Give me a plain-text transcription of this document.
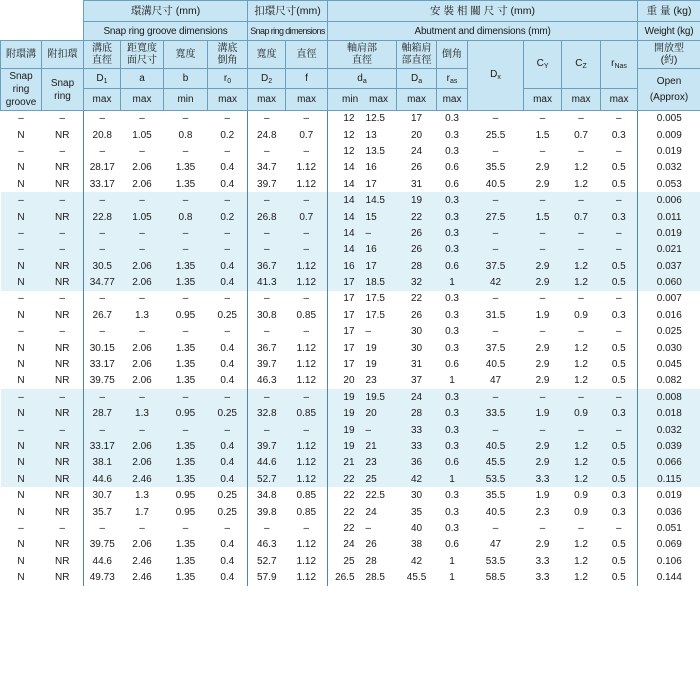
		環溝尺寸 (mm)				扣環尺寸(mm)		安 裝 相 關 尺 寸 (mm)								重 量 (kg)
		Snap ring groove dimensions				Snap ring dimensions		Abutment and dimensions (mm)								Weight (kg)
附環溝	附扣環	溝底直徑	距寬度面尺寸	寬度	溝底倒角	寬度	直徑	軸肩部直徑		軸箱肩部直徑	倒角	$D_x$	$C_Y$	$C_Z$	$r_{Nas}$	開放型(約)
Snap ring groove	Snap ring	$D_1$	a	b	$r_0$	$D_2$	f	$d_a$		$D_a$	$r_{as}$					Open
(Approx)
		max	max	min	max	max	max	min max		max	max		max	max	max	
–	–	–	–	–	–	–	–	12	12.5	17	0.3	–	–	–	–	0.005
N	NR	20.8	1.05	0.8	0.2	24.8	0.7	12	13	20	0.3	25.5	1.5	0.7	0.3	0.009
–	–	–	–	–	–	–	–	12	13.5	24	0.3	–	–	–	–	0.019
N	NR	28.17	2.06	1.35	0.4	34.7	1.12	14	16	26	0.6	35.5	2.9	1.2	0.5	0.032
N	NR	33.17	2.06	1.35	0.4	39.7	1.12	14	17	31	0.6	40.5	2.9	1.2	0.5	0.053
–	–	–	–	–	–	–	–	14	14.5	19	0.3	–	–	–	–	0.006
N	NR	22.8	1.05	0.8	0.2	26.8	0.7	14	15	22	0.3	27.5	1.5	0.7	0.3	0.011
–	–	–	–	–	–	–	–	14	–	26	0.3	–	–	–	–	0.019
–	–	–	–	–	–	–	–	14	16	26	0.3	–	–	–	–	0.021
N	NR	30.5	2.06	1.35	0.4	36.7	1.12	16	17	28	0.6	37.5	2.9	1.2	0.5	0.037
N	NR	34.77	2.06	1.35	0.4	41.3	1.12	17	18.5	32	1	42	2.9	1.2	0.5	0.060
–	–	–	–	–	–	–	–	17	17.5	22	0.3	–	–	–	–	0.007
N	NR	26.7	1.3	0.95	0.25	30.8	0.85	17	17.5	26	0.3	31.5	1.9	0.9	0.3	0.016
–	–	–	–	–	–	–	–	17	–	30	0.3	–	–	–	–	0.025
N	NR	30.15	2.06	1.35	0.4	36.7	1.12	17	19	30	0.3	37.5	2.9	1.2	0.5	0.030
N	NR	33.17	2.06	1.35	0.4	39.7	1.12	17	19	31	0.6	40.5	2.9	1.2	0.5	0.045
N	NR	39.75	2.06	1.35	0.4	46.3	1.12	20	23	37	1	47	2.9	1.2	0.5	0.082
–	–	–	–	–	–	–	–	19	19.5	24	0.3	–	–	–	–	0.008
N	NR	28.7	1.3	0.95	0.25	32.8	0.85	19	20	28	0.3	33.5	1.9	0.9	0.3	0.018
–	–	–	–	–	–	–	–	19	–	33	0.3	–	–	–	–	0.032
N	NR	33.17	2.06	1.35	0.4	39.7	1.12	19	21	33	0.3	40.5	2.9	1.2	0.5	0.039
N	NR	38.1	2.06	1.35	0.4	44.6	1.12	21	23	36	0.6	45.5	2.9	1.2	0.5	0.066
N	NR	44.6	2.46	1.35	0.4	52.7	1.12	22	25	42	1	53.5	3.3	1.2	0.5	0.115
N	NR	30.7	1.3	0.95	0.25	34.8	0.85	22	22.5	30	0.3	35.5	1.9	0.9	0.3	0.019
N	NR	35.7	1.7	0.95	0.25	39.8	0.85	22	24	35	0.3	40.5	2.3	0.9	0.3	0.036
–	–	–	–	–	–	–	–	22	–	40	0.3	–	–	–	–	0.051
N	NR	39.75	2.06	1.35	0.4	46.3	1.12	24	26	38	0.6	47	2.9	1.2	0.5	0.069
N	NR	44.6	2.46	1.35	0.4	52.7	1.12	25	28	42	1	53.5	3.3	1.2	0.5	0.106
N	NR	49.73	2.46	1.35	0.4	57.9	1.12	26.5	28.5	45.5	1	58.5	3.3	1.2	0.5	0.144
